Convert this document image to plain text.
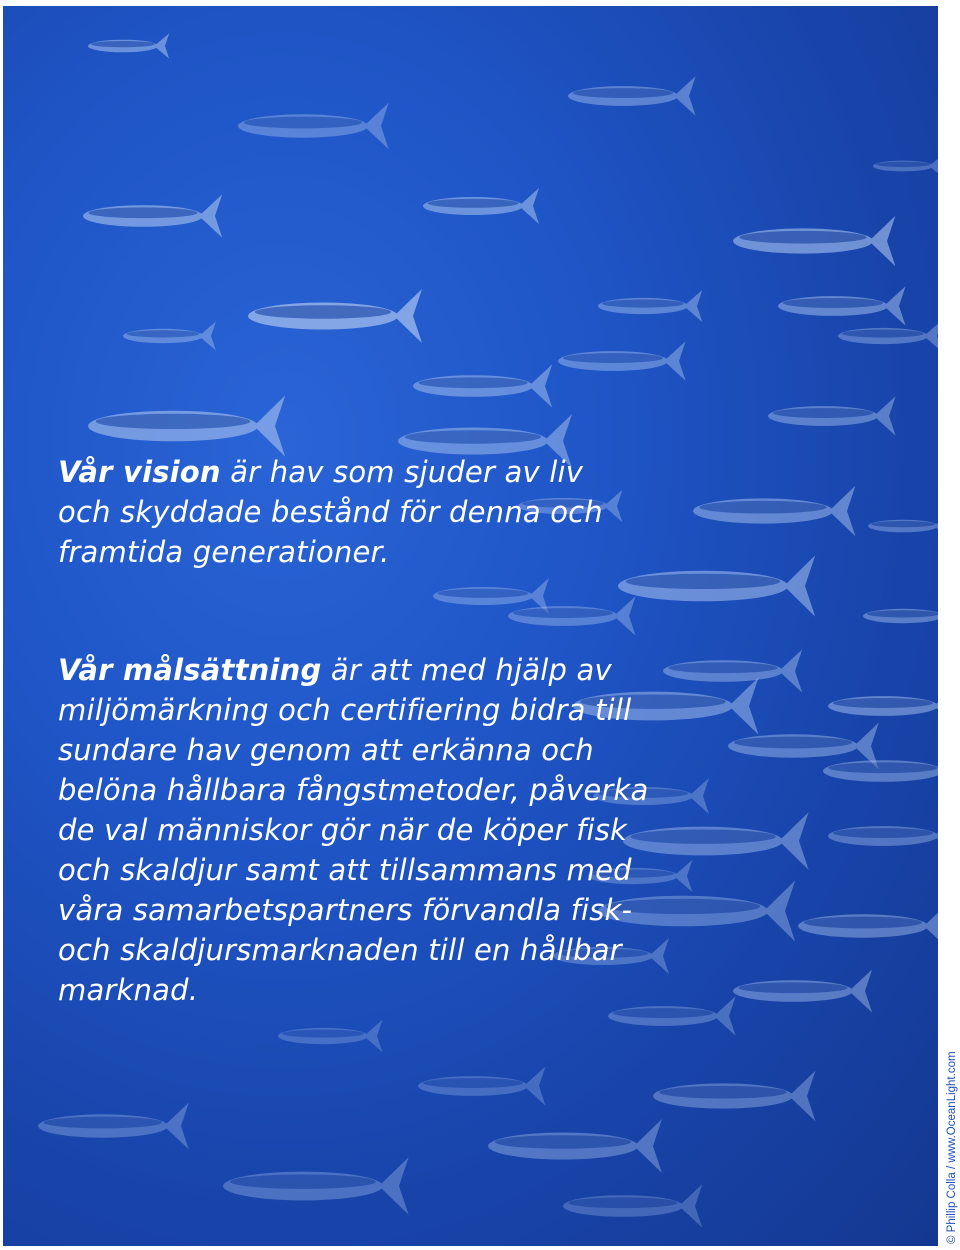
Vår vision är hav som sjuder av liv och skyddade bestånd för denna och framtida generationer.
Vår målsättning är att med hjälp av miljömärkning och certifiering bidra till sundare hav genom att erkänna och belöna hållbara fångstmetoder, påverka de val människor gör när de köper fisk och skaldjur samt att tillsammans med våra samarbetspartners förvandla fisk- och skaldjursmarknaden till en hållbar marknad.
© Phillip Colla / www.OceanLight.com
